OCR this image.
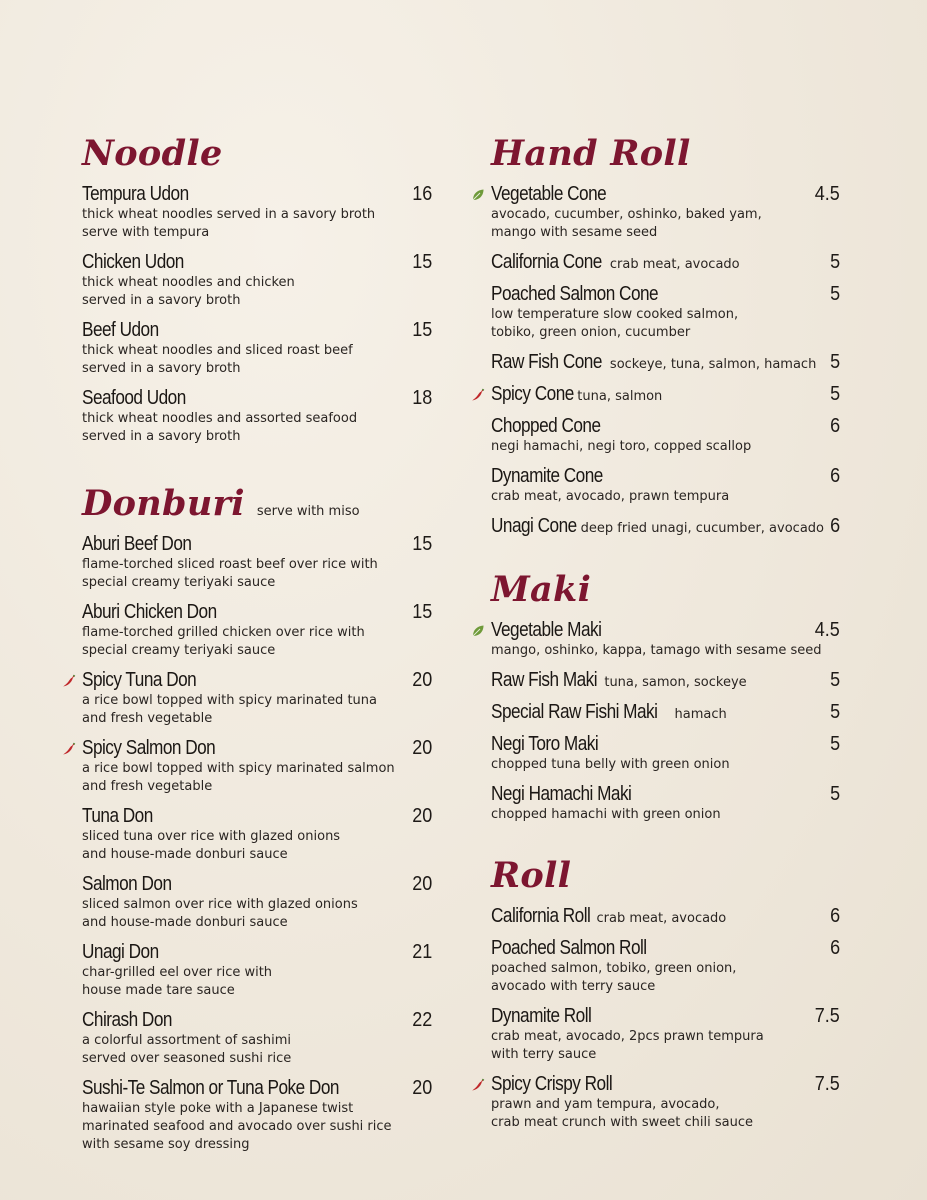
Noodle
Tempura Udon	16
thick wheat noodles served in a savory broth
serve with tempura
Chicken Udon	15
thick wheat noodles and chicken
served in a savory broth
Beef Udon	15
thick wheat noodles and sliced roast beef
served in a savory broth
Seafood Udon	18
thick wheat noodles and assorted seafood
served in a savory broth
Donburi serve with miso
Aburi Beef Don	15
flame-torched sliced roast beef over rice with
special creamy teriyaki sauce
Aburi Chicken Don	15
flame-torched grilled chicken over rice with
special creamy teriyaki sauce
Spicy Tuna Don	20
a rice bowl topped with spicy marinated tuna
and fresh vegetable
Spicy Salmon Don	20
a rice bowl topped with spicy marinated salmon
and fresh vegetable
Tuna Don	20
sliced tuna over rice with glazed onions
and house-made donburi sauce
Salmon Don	20
sliced salmon over rice with glazed onions
and house-made donburi sauce
Unagi Don	21
char-grilled eel over rice with
house made tare sauce
Chirash Don	22
a colorful assortment of sashimi
served over seasoned sushi rice
Sushi-Te Salmon or Tuna Poke Don	20
hawaiian style poke with a Japanese twist
marinated seafood and avocado over sushi rice
with sesame soy dressing
Hand Roll
Vegetable Cone	4.5
avocado, cucumber, oshinko, baked yam,
mango with sesame seed
California Cone crab meat, avocado	5
Poached Salmon Cone	5
low temperature slow cooked salmon,
tobiko, green onion, cucumber
Raw Fish Cone sockeye, tuna, salmon, hamach 5
Spicy Cone tuna, salmon	5
Chopped Cone	6
negi hamachi, negi toro, copped scallop
Dynamite Cone	6
crab meat, avocado, prawn tempura
Unagi Cone deep fried unagi, cucumber, avocado 6
Maki
Vegetable Maki	4.5
mango, oshinko, kappa, tamago with sesame seed
Raw Fish Maki tuna, samon, sockeye	5
Special Raw Fishi Maki hamach	5
Negi Toro Maki	5
chopped tuna belly with green onion
Negi Hamachi Maki	5
chopped hamachi with green onion
Roll
California Roll crab meat, avocado	6
Poached Salmon Roll	6
poached salmon, tobiko, green onion,
avocado with terry sauce
Dynamite Roll	7.5
crab meat, avocado, 2pcs prawn tempura
with terry sauce
Spicy Crispy Roll	7.5
prawn and yam tempura, avocado,
crab meat crunch with sweet chili sauce
